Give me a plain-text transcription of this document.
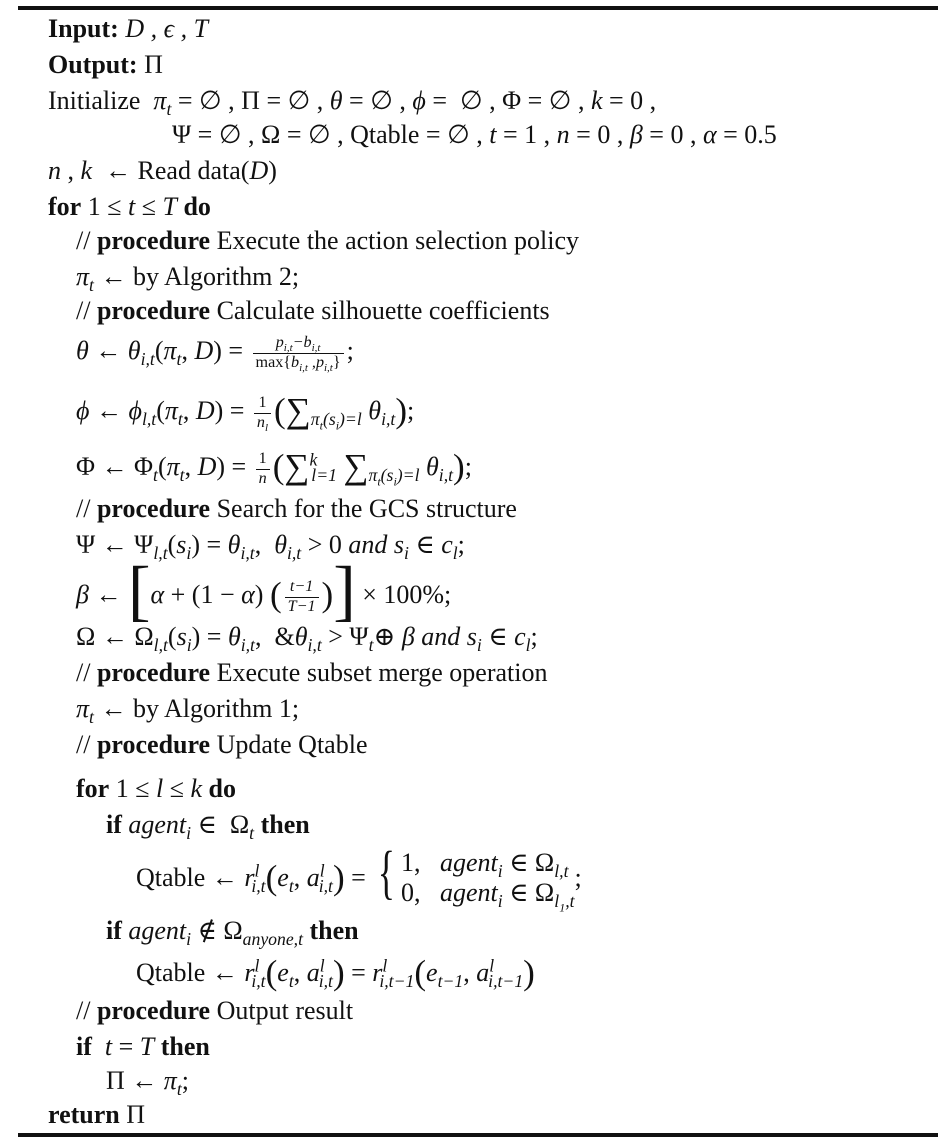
Input: D , ϵ , T
Output: Π
Initialize  $\pi_t$ = ∅ , Π = ∅ , θ = ∅ , ϕ =  ∅ , Φ = ∅ , k = 0 ,
Ψ = ∅ , Ω = ∅ , Qtable = ∅ , t = 1 , n = 0 , β = 0 , α = 0.5
n , k  ← Read data(D)
for 1 ≤ t ≤ T do
// procedure Execute the action selection policy
$\pi_t$ ← by Algorithm 2;
// procedure Calculate silhouette coefficients
θ ← $\theta_{i,t}(\pi_t$, $D) = \frac{p_{i,t}-b_{i,t}}{\max\{b_{i,t} ,p_{i,t}\}}$ ;
ϕ ← $\phi_{l,t}(\pi_t$, $D) = \frac{1}{n_l} (\sum_{\pi_t(s_i)=l}$ $\theta_{i,t}$);
Φ ← $\Phi_t(\pi_t$, $D) = \frac{1}{n} (\sum^k_{l=1}$ $\sum_{\pi_t(s_i)=l}$ $\theta_{i,t}$);
// procedure Search for the GCS structure
Ψ ← $\Psi_{l,t}(s_i) = \theta_{i,t}$,  $\theta_{i,t} > 0$ and $s_i$ ∈ $c_l$;
β ← [α + (1 − α) ( $\frac{t-1}{T-1}$ )] × 100%;
Ω ← $\Omega_{l,t}(s_i) = \theta_{i,t}$,  $\&\theta_{i,t}$ > $\Psi_t\oplus$ β and $s_i$ ∈ $c_l$;
// procedure Execute subset merge operation
$\pi_t$ ← by Algorithm 1;
// procedure Update Qtable
for 1 ≤ l ≤ k do
if agent$_i$ ∈  $\Omega_t$ then
Qtable ← $r^l_{i,t}(e_t$, $a^l_{i,t}$) = { 1,   agent$_i$ ∈ $\Omega_{l,t}$
0,   agent$_i$ ∈ $\Omega_{l_1,t}$
;
if agent$_i$ ∉ $\Omega_{anyone,t}$ then
Qtable ← $r^l_{i,t}(e_t$, $a^l_{i,t}) = r^l_{i,t-1}(e_{t-1}$, $a^l_{i,t-1}$)
// procedure Output result
if t = T then
Π ← $\pi_t$;
return Π
